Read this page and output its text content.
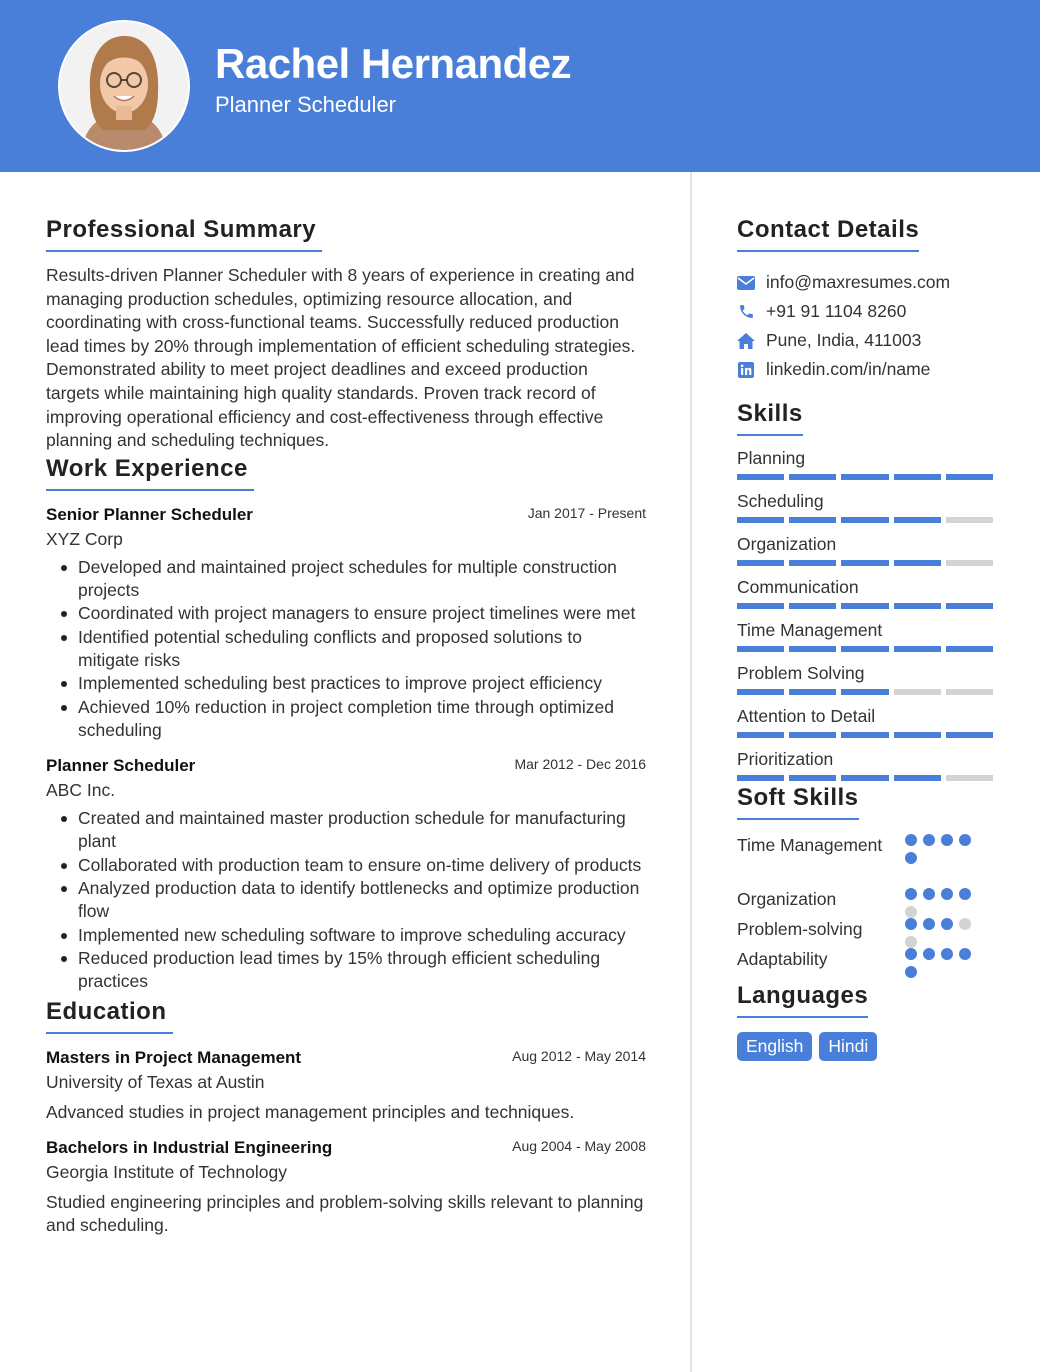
Rachel Hernandez
Planner Scheduler
Professional Summary
Results-driven Planner Scheduler with 8 years of experience in creating and managing production schedules, optimizing resource allocation, and coordinating with cross-functional teams. Successfully reduced production lead times by 20% through implementation of efficient scheduling strategies. Demonstrated ability to meet project deadlines and exceed production targets while maintaining high quality standards. Proven track record of improving operational efficiency and cost-effectiveness through effective planning and scheduling techniques.
Work Experience
Senior Planner Scheduler	Jan 2017 - Present
XYZ Corp
Developed and maintained project schedules for multiple construction projects
Coordinated with project managers to ensure project timelines were met
Identified potential scheduling conflicts and proposed solutions to mitigate risks
Implemented scheduling best practices to improve project efficiency
Achieved 10% reduction in project completion time through optimized scheduling
Planner Scheduler	Mar 2012 - Dec 2016
ABC Inc.
Created and maintained master production schedule for manufacturing plant
Collaborated with production team to ensure on-time delivery of products
Analyzed production data to identify bottlenecks and optimize production flow
Implemented new scheduling software to improve scheduling accuracy
Reduced production lead times by 15% through efficient scheduling practices
Education
Masters in Project Management	Aug 2012 - May 2014
University of Texas at Austin
Advanced studies in project management principles and techniques.
Bachelors in Industrial Engineering	Aug 2004 - May 2008
Georgia Institute of Technology
Studied engineering principles and problem-solving skills relevant to planning and scheduling.
Contact Details
info@maxresumes.com
+91 91 1104 8260
Pune, India, 411003
linkedin.com/in/name
Skills
Planning
Scheduling
Organization
Communication
Time Management
Problem Solving
Attention to Detail
Prioritization
Soft Skills
Time Management
Organization
Problem-solving
Adaptability
Languages
English	Hindi
